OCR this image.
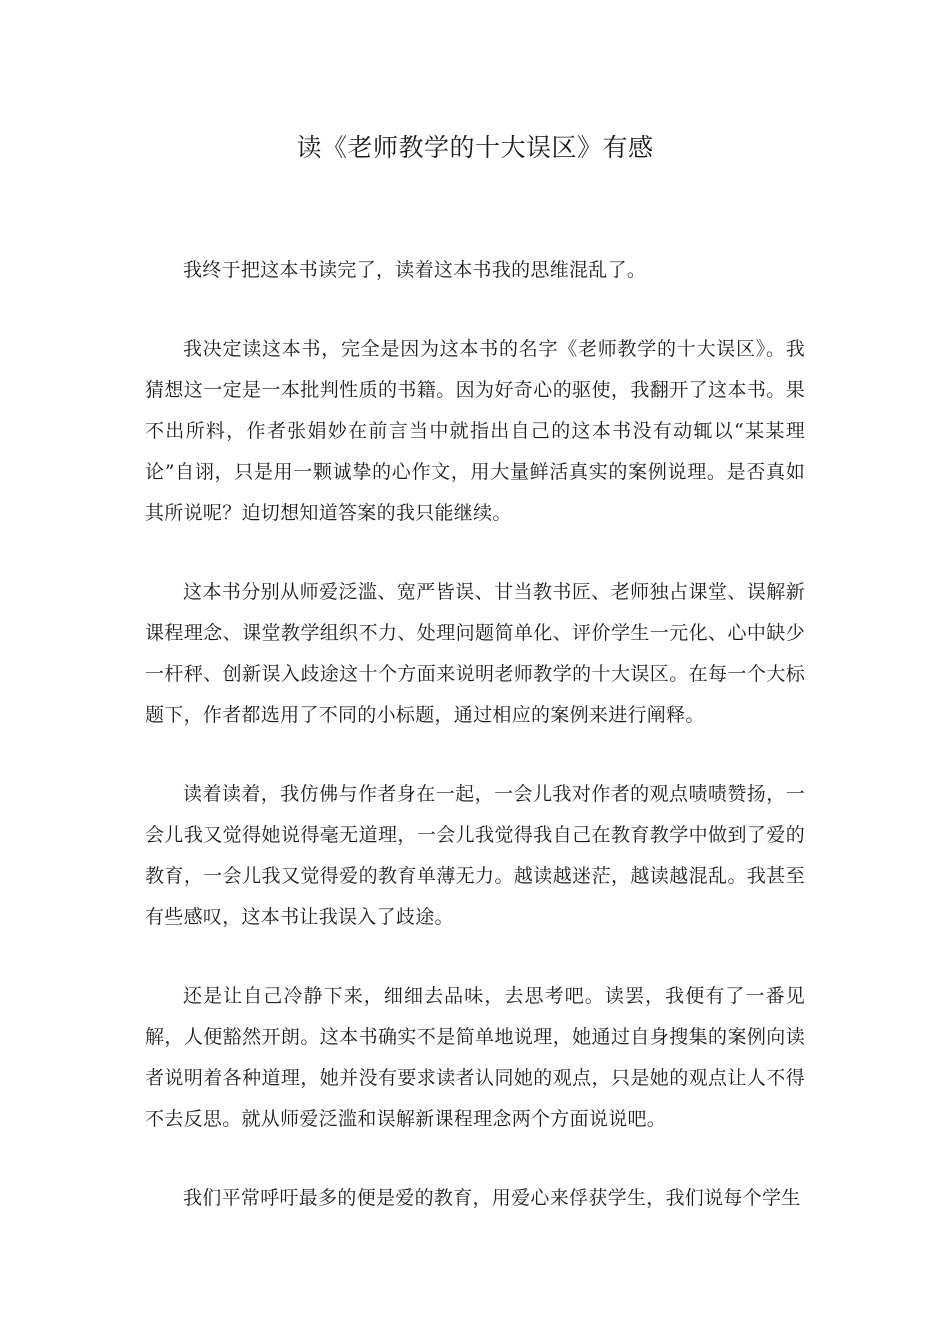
读《老师教学的十大误区》有感

我终于把这本书读完了，读着这本书我的思维混乱了。

我决定读这本书，完全是因为这本书的名字《老师教学的十大误区》。我猜想这一定是一本批判性质的书籍。因为好奇心的驱使，我翻开了这本书。果不出所料，作者张娟妙在前言当中就指出自己的这本书没有动辄以“某某理论”自诩，只是用一颗诚挚的心作文，用大量鲜活真实的案例说理。是否真如其所说呢？迫切想知道答案的我只能继续。

这本书分别从师爱泛滥、宽严皆误、甘当教书匠、老师独占课堂、误解新课程理念、课堂教学组织不力、处理问题简单化、评价学生一元化、心中缺少一杆秤、创新误入歧途这十个方面来说明老师教学的十大误区。在每一个大标题下，作者都选用了不同的小标题，通过相应的案例来进行阐释。

读着读着，我仿佛与作者身在一起，一会儿我对作者的观点啧啧赞扬，一会儿我又觉得她说得毫无道理，一会儿我觉得我自己在教育教学中做到了爱的教育，一会儿我又觉得爱的教育单薄无力。越读越迷茫，越读越混乱。我甚至有些感叹，这本书让我误入了歧途。

还是让自己冷静下来，细细去品味，去思考吧。读罢，我便有了一番见解，人便豁然开朗。这本书确实不是简单地说理，她通过自身搜集的案例向读者说明着各种道理，她并没有要求读者认同她的观点，只是她的观点让人不得不去反思。就从师爱泛滥和误解新课程理念两个方面说说吧。

我们平常呼吁最多的便是爱的教育，用爱心来俘获学生，我们说每个学生
